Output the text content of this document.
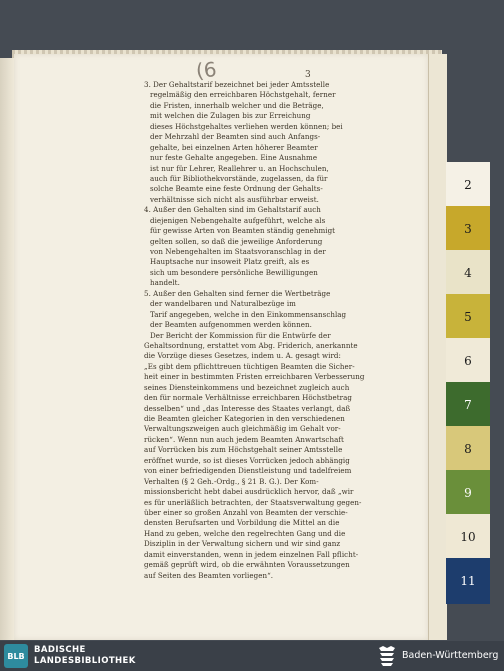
(6	3
3. Der Gehaltstarif bezeichnet bei jeder Amtsstelle
regelmäßig den erreichbaren Höchstgehalt, ferner
die Fristen, innerhalb welcher und die Beträge,
mit welchen die Zulagen bis zur Erreichung
dieses Höchstgehaltes verliehen werden können; bei
der Mehrzahl der Beamten sind auch Anfangs-
gehalte, bei einzelnen Arten höherer Beamter
nur feste Gehalte angegeben. Eine Ausnahme
ist nur für Lehrer, Reallehrer u. an Hochschulen,
auch für Bibliothekvorstände, zugelassen, da für
solche Beamte eine feste Ordnung der Gehalts-
verhältnisse sich nicht als ausführbar erweist.
4. Außer den Gehalten sind im Gehaltstarif auch
diejenigen Nebengehalte aufgeführt, welche als
für gewisse Arten von Beamten ständig genehmigt
gelten sollen, so daß die jeweilige Anforderung
von Nebengehalten im Staatsvoranschlag in der
Hauptsache nur insoweit Platz greift, als es
sich um besondere persönliche Bewilligungen
handelt.
5. Außer den Gehalten sind ferner die Wertbeträge
der wandelbaren und Naturalbezüge im
Tarif angegeben, welche in den Einkommensanschlag
der Beamten aufgenommen werden können.
Der Bericht der Kommission für die Entwürfe der
Gehaltsordnung, erstattet vom Abg. Friderich, anerkannte
die Vorzüge dieses Gesetzes, indem u. A. gesagt wird:
„Es gibt dem pflichttreuen tüchtigen Beamten die Sicher-
heit einer in bestimmten Fristen erreichbaren Verbesserung
seines Diensteinkommens und bezeichnet zugleich auch
den für normale Verhältnisse erreichbaren Höchstbetrag
desselben“ und „das Interesse des Staates verlangt, daß
die Beamten gleicher Kategorien in den verschiedenen
Verwaltungszweigen auch gleichmäßig im Gehalt vor-
rücken“. Wenn nun auch jedem Beamten Anwartschaft
auf Vorrücken bis zum Höchstgehalt seiner Amtsstelle
eröffnet wurde, so ist dieses Vorrücken jedoch abhängig
von einer befriedigenden Dienstleistung und tadelfreiem
Verhalten (§ 2 Geh.-Ordg., § 21 B. G.). Der Kom-
missionsbericht hebt dabei ausdrücklich hervor, daß „wir
es für unerläßlich betrachten, der Staatsverwaltung gegen-
über einer so großen Anzahl von Beamten der verschie-
densten Berufsarten und Vorbildung die Mittel an die
Hand zu geben, welche den regelrechten Gang und die
Disziplin in der Verwaltung sichern und wir sind ganz
damit einverstanden, wenn in jedem einzelnen Fall pflicht-
gemäß geprüft wird, ob die erwähnten Voraussetzungen
auf Seiten des Beamten vorliegen“.
2
3
4
5
6
7
8
9
10
11
BLB
BADISCHE
LANDESBIBLIOTHEK	Baden-Württemberg
